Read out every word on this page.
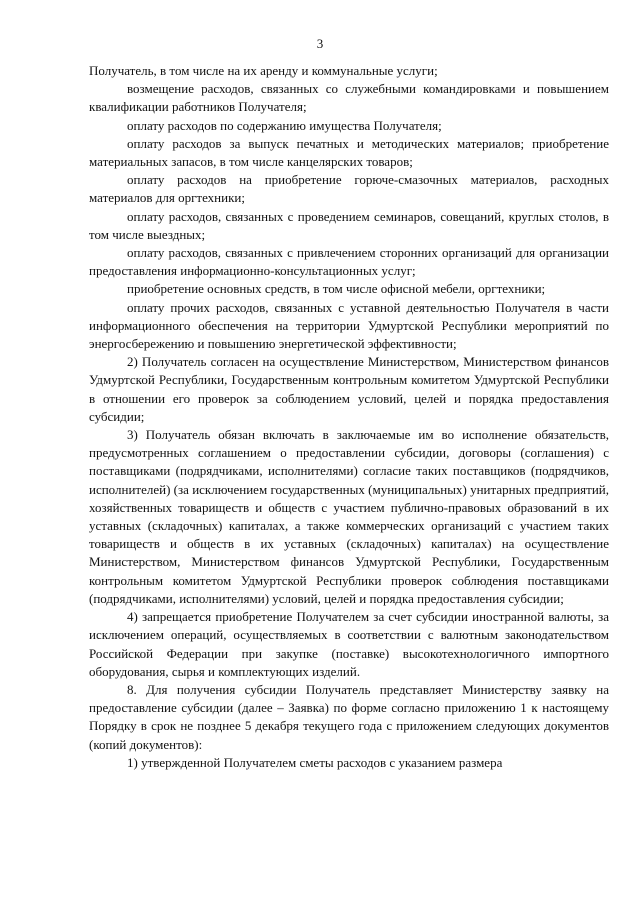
3

Получатель, в том числе на их аренду и коммунальные услуги;

возмещение расходов, связанных со служебными командировками и повышением квалификации работников Получателя;

оплату расходов по содержанию имущества Получателя;

оплату расходов за выпуск печатных и методических материалов; приобретение материальных запасов, в том числе канцелярских товаров;

оплату расходов на приобретение горюче-смазочных материалов, расходных материалов для оргтехники;

оплату расходов, связанных с проведением семинаров, совещаний, круглых столов, в том числе выездных;

оплату расходов, связанных с привлечением сторонних организаций для организации предоставления информационно-консультационных услуг;

приобретение основных средств, в том числе офисной мебели, оргтехники;

оплату прочих расходов, связанных с уставной деятельностью Получателя в части информационного обеспечения на территории Удмуртской Республики мероприятий по энергосбережению и повышению энергетической эффективности;

2) Получатель согласен на осуществление Министерством, Министерством финансов Удмуртской Республики, Государственным контрольным комитетом Удмуртской Республики в отношении его проверок за соблюдением условий, целей и порядка предоставления субсидии;

3) Получатель обязан включать в заключаемые им во исполнение обязательств, предусмотренных соглашением о предоставлении субсидии, договоры (соглашения) с поставщиками (подрядчиками, исполнителями) согласие таких поставщиков (подрядчиков, исполнителей) (за исключением государственных (муниципальных) унитарных предприятий, хозяйственных товариществ и обществ с участием публично-правовых образований в их уставных (складочных) капиталах, а также коммерческих организаций с участием таких товариществ и обществ в их уставных (складочных) капиталах) на осуществление Министерством, Министерством финансов Удмуртской Республики, Государственным контрольным комитетом Удмуртской Республики проверок соблюдения поставщиками (подрядчиками, исполнителями) условий, целей и порядка предоставления субсидии;

4) запрещается приобретение Получателем за счет субсидии иностранной валюты, за исключением операций, осуществляемых в соответствии с валютным законодательством Российской Федерации при закупке (поставке) высокотехнологичного импортного оборудования, сырья и комплектующих изделий.

8. Для получения субсидии Получатель представляет Министерству заявку на предоставление субсидии (далее – Заявка) по форме согласно приложению 1 к настоящему Порядку в срок не позднее 5 декабря текущего года с приложением следующих документов (копий документов):

1) утвержденной Получателем сметы расходов с указанием размера
